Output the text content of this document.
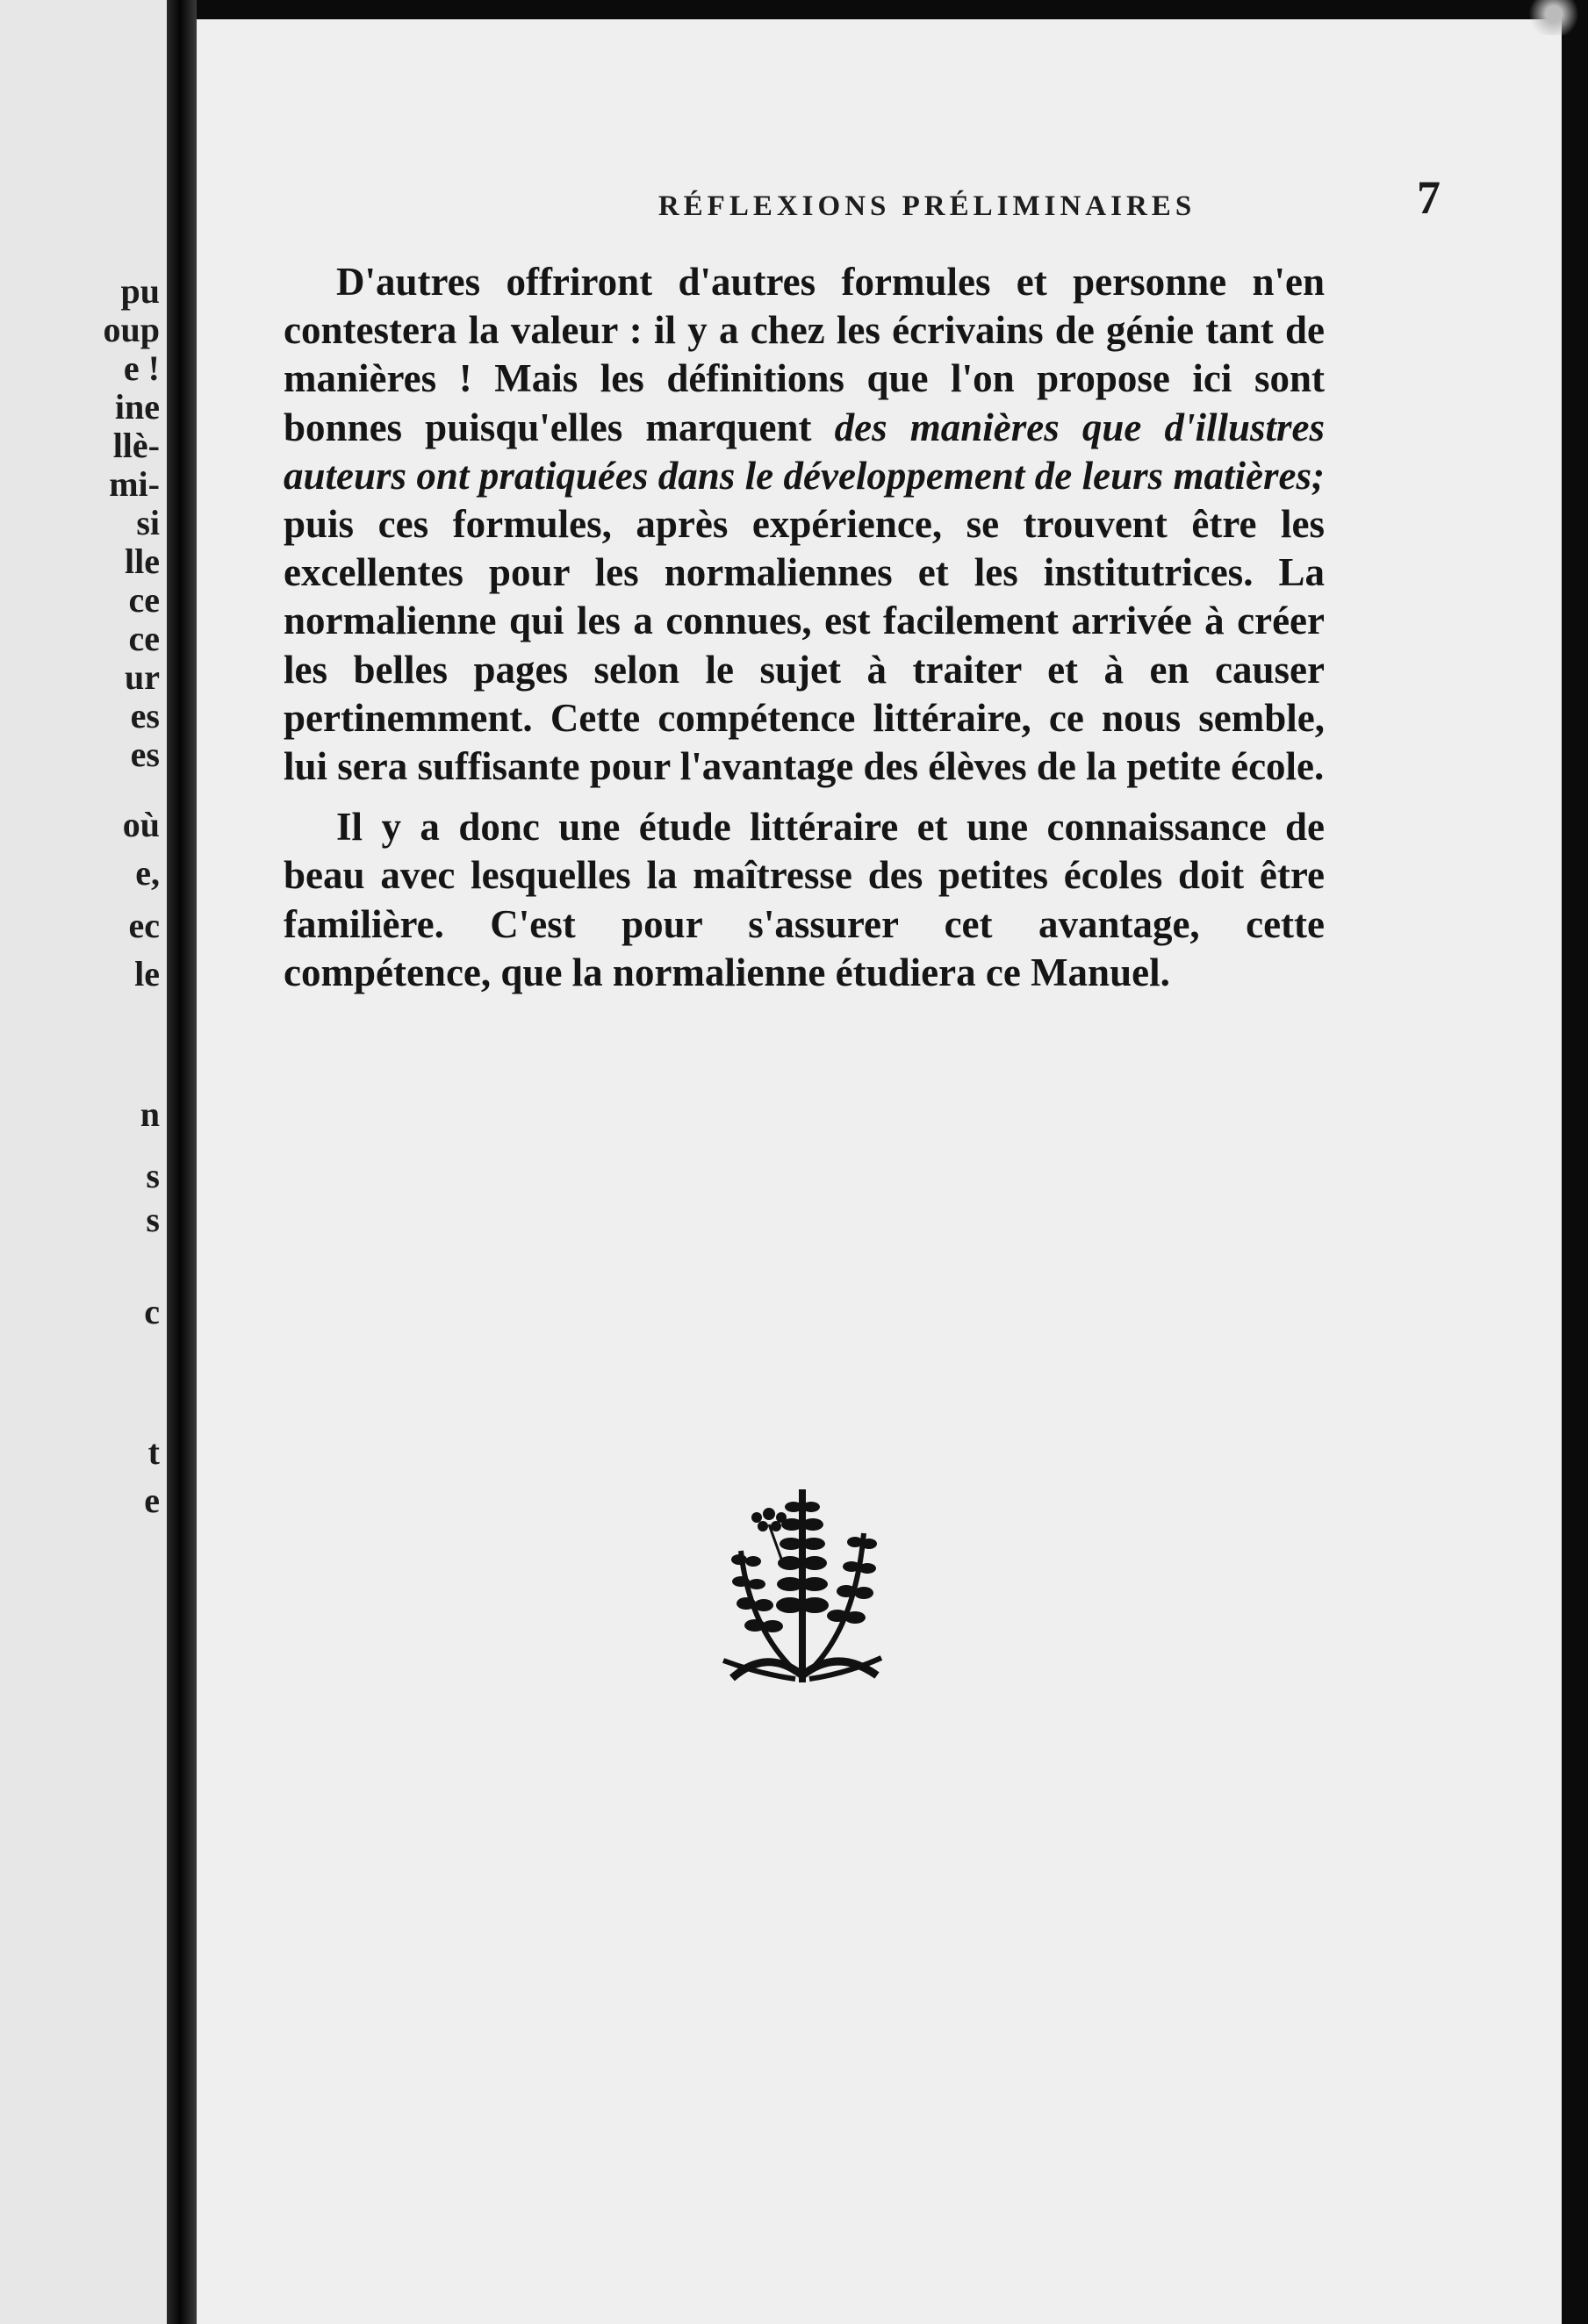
pu

oup

e !

ine

llè-

mi-

si

lle

ce

ce

ur

es

es

où

e,

ec

le

n

s

s

c

t

e

RÉFLEXIONS PRÉLIMINAIRES	7

D'autres offriront d'autres formules et personne n'en contestera la valeur : il y a chez les écrivains de génie tant de manières ! Mais les définitions que l'on propose ici sont bonnes puisqu'elles marquent des manières que d'illustres auteurs ont pratiquées dans le développement de leurs matières; puis ces formules, après expérience, se trouvent être les excellentes pour les normaliennes et les institutrices. La normalienne qui les a connues, est facilement arrivée à créer les belles pages selon le sujet à traiter et à en causer pertinemment. Cette compétence littéraire, ce nous semble, lui sera suffisante pour l'avantage des élèves de la petite école.

Il y a donc une étude littéraire et une connaissance de beau avec lesquelles la maîtresse des petites écoles doit être familière. C'est pour s'assurer cet avantage, cette compétence, que la normalienne étudiera ce Manuel.
